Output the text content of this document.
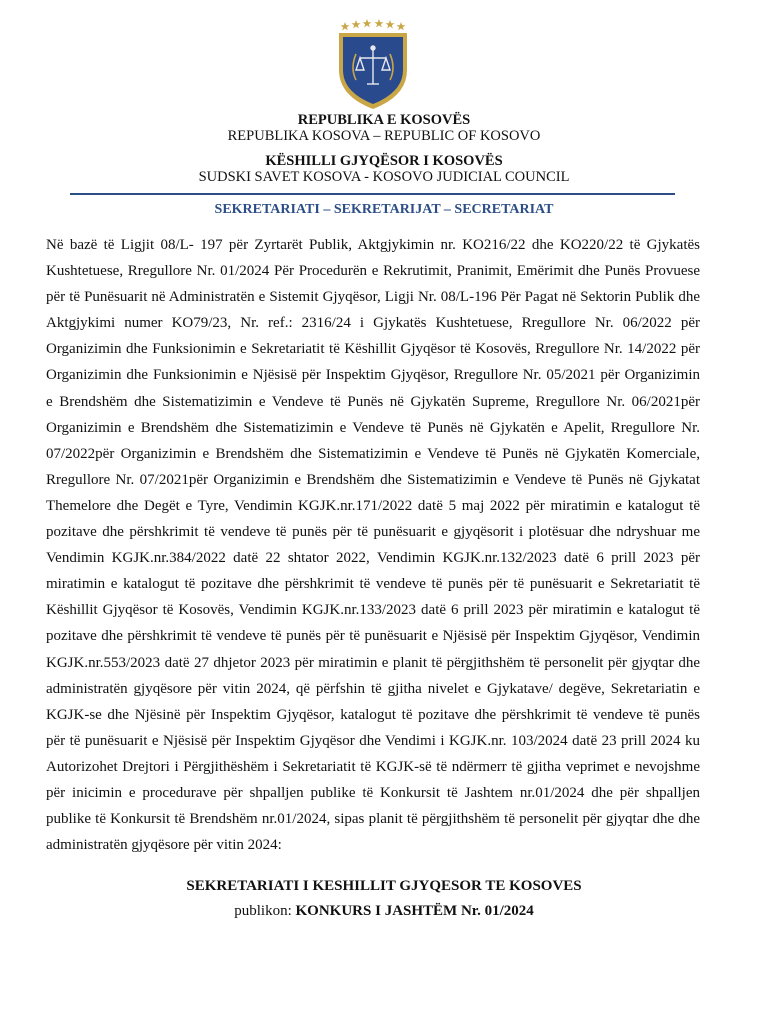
REPUBLIKA E KOSOVËS
REPUBLIKA KOSOVA – REPUBLIC OF KOSOVO
KËSHILLI GJYQËSOR I KOSOVËS
SUDSKI SAVET KOSOVA - KOSOVO JUDICIAL COUNCIL
SEKRETARIATI – SEKRETARIJAT – SECRETARIAT
Në bazë të Ligjit 08/L- 197 për Zyrtarët Publik, Aktgjykimin nr. KO216/22 dhe KO220/22 të Gjykatës
Kushtetuese, Rregullore Nr. 01/2024 Për Procedurën e Rekrutimit, Pranimit, Emërimit dhe Punës Provuese
për të Punësuarit në Administratën e Sistemit Gjyqësor, Ligji Nr. 08/L-196 Për Pagat në Sektorin Publik dhe
Aktgjykimi numer KO79/23, Nr. ref.: 2316/24 i Gjykatës Kushtetuese, Rregullore Nr. 06/2022 për
Organizimin dhe Funksionimin e Sekretariatit të Këshillit Gjyqësor të Kosovës, Rregullore Nr. 14/2022 për
Organizimin dhe Funksionimin e Njësisë për Inspektim Gjyqësor, Rregullore Nr. 05/2021 për Organizimin
e Brendshëm dhe Sistematizimin e Vendeve të Punës në Gjykatën Supreme, Rregullore Nr. 06/2021për
Organizimin e Brendshëm dhe Sistematizimin e Vendeve të Punës në Gjykatën e Apelit, Rregullore Nr.
07/2022për Organizimin e Brendshëm dhe Sistematizimin e Vendeve të Punës në Gjykatën Komerciale,
Rregullore Nr. 07/2021për Organizimin e Brendshëm dhe Sistematizimin e Vendeve të Punës në Gjykatat
Themelore dhe Degët e Tyre, Vendimin KGJK.nr.171/2022 datë 5 maj 2022 për miratimin e katalogut të
pozitave dhe përshkrimit të vendeve të punës për të punësuarit e gjyqësorit i plotësuar dhe ndryshuar me
Vendimin KGJK.nr.384/2022 datë 22 shtator 2022, Vendimin KGJK.nr.132/2023 datë 6 prill 2023 për
miratimin e katalogut të pozitave dhe përshkrimit të vendeve të punës për të punësuarit e Sekretariatit të
Këshillit Gjyqësor të Kosovës, Vendimin KGJK.nr.133/2023 datë 6 prill 2023 për miratimin e katalogut të
pozitave dhe përshkrimit të vendeve të punës për të punësuarit e Njësisë për Inspektim Gjyqësor, Vendimin
KGJK.nr.553/2023 datë 27 dhjetor 2023 për miratimin e planit të përgjithshëm të personelit për gjyqtar dhe
administratën gjyqësore për vitin 2024, që përfshin të gjitha nivelet e Gjykatave/ degëve, Sekretariatin e
KGJK-se dhe Njësinë për Inspektim Gjyqësor, katalogut të pozitave dhe përshkrimit të vendeve të punës
për të punësuarit e Njësisë për Inspektim Gjyqësor dhe Vendimi i KGJK.nr. 103/2024 datë 23 prill 2024 ku
Autorizohet Drejtori i Përgjithëshëm i Sekretariatit të KGJK-së të ndërmerr të gjitha veprimet e nevojshme
për inicimin e procedurave për shpalljen publike të Konkursit të Jashtem nr.01/2024 dhe për shpalljen
publike të Konkursit të Brendshëm nr.01/2024, sipas planit të përgjithshëm të personelit për gjyqtar dhe dhe
administratën gjyqësore për vitin 2024:
SEKRETARIATI I KESHILLIT GJYQESOR TE KOSOVES
publikon: KONKURS I JASHTËM Nr. 01/2024
